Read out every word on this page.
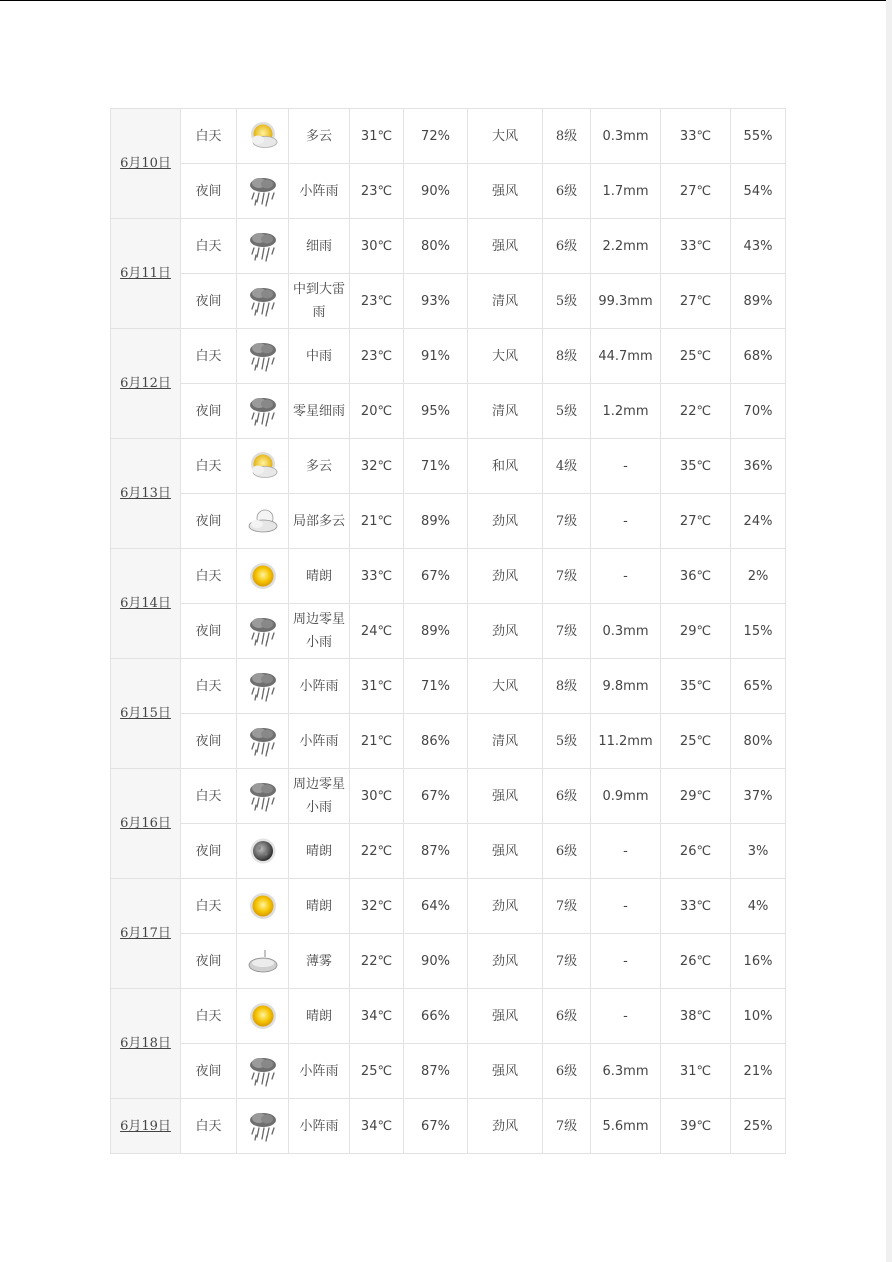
6月10日	白天		多云	31℃	72%	大风	8级	0.3mm	33℃	55%
	夜间		小阵雨	23℃	90%	强风	6级	1.7mm	27℃	54%
6月11日	白天		细雨	30℃	80%	强风	6级	2.2mm	33℃	43%
	夜间		中到大雷雨	23℃	93%	清风	5级	99.3mm	27℃	89%
6月12日	白天		中雨	23℃	91%	大风	8级	44.7mm	25℃	68%
	夜间		零星细雨	20℃	95%	清风	5级	1.2mm	22℃	70%
6月13日	白天		多云	32℃	71%	和风	4级	-	35℃	36%
	夜间		局部多云	21℃	89%	劲风	7级	-	27℃	24%
6月14日	白天		晴朗	33℃	67%	劲风	7级	-	36℃	2%
	夜间		周边零星小雨	24℃	89%	劲风	7级	0.3mm	29℃	15%
6月15日	白天		小阵雨	31℃	71%	大风	8级	9.8mm	35℃	65%
	夜间		小阵雨	21℃	86%	清风	5级	11.2mm	25℃	80%
6月16日	白天		周边零星小雨	30℃	67%	强风	6级	0.9mm	29℃	37%
	夜间		晴朗	22℃	87%	强风	6级	-	26℃	3%
6月17日	白天		晴朗	32℃	64%	劲风	7级	-	33℃	4%
	夜间		薄雾	22℃	90%	劲风	7级	-	26℃	16%
6月18日	白天		晴朗	34℃	66%	强风	6级	-	38℃	10%
	夜间		小阵雨	25℃	87%	强风	6级	6.3mm	31℃	21%
6月19日	白天		小阵雨	34℃	67%	劲风	7级	5.6mm	39℃	25%
